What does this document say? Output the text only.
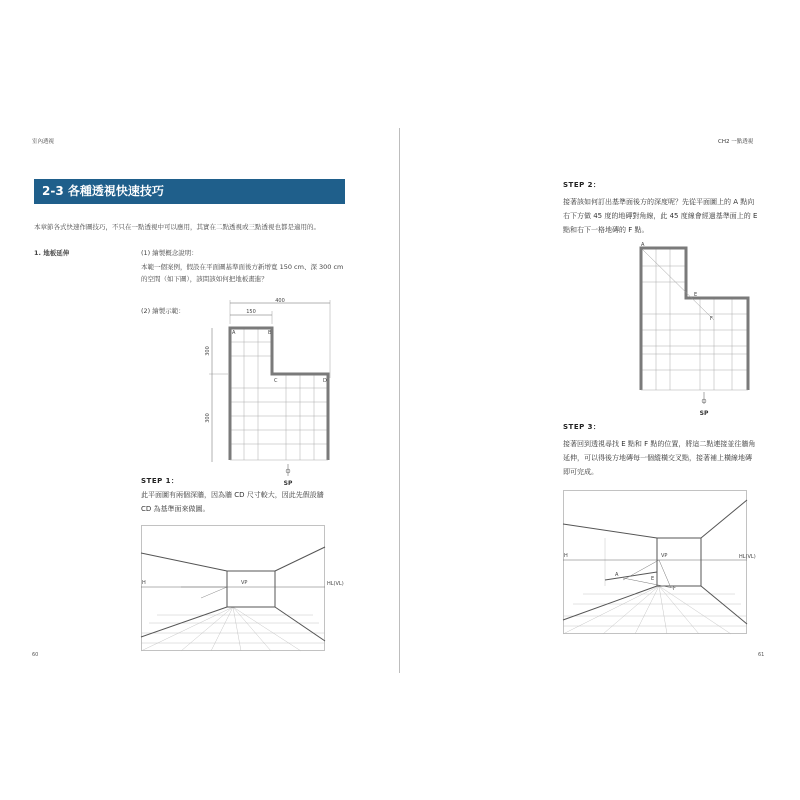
室內透視
2-3 各種透視快速技巧
本章節各式快速作圖技巧，不只在一點透視中可以應用，其實在二點透視或三點透視也都是適用的。
1. 地板延伸	(1) 繪製概念說明：
本範一個案例，假設在平面圖基準面後方新增寬 150 cm、深 300 cm
的空間（如下圖），該問該如何把地板畫進？
(2) 繪製示範：
400
150
300
300
A	B
C	D
SP
STEP 1：
此平面圖有兩個深牆，因為牆 CD 尺寸較大，因此先假設牆
CD 為基準面來做圖。
H	VP	HL(VL)
60
CH2 一點透視
STEP 2：
接著該如何訂出基準面後方的深度呢？先從平面圖上的 A 點向
右下方做 45 度的地磚對角線，此 45 度線會經過基準面上的 E
點和右下一格地磚的 F 點。
A
E
F
SP
STEP 3：
接著回到透視尋找 E 點和 F 點的位置，將這二點連接並往牆角
延伸，可以得後方地磚每一個縱橫交叉點，接著補上橫線地磚
即可完成。
H	VP	HL(VL)
A
E
F
61
